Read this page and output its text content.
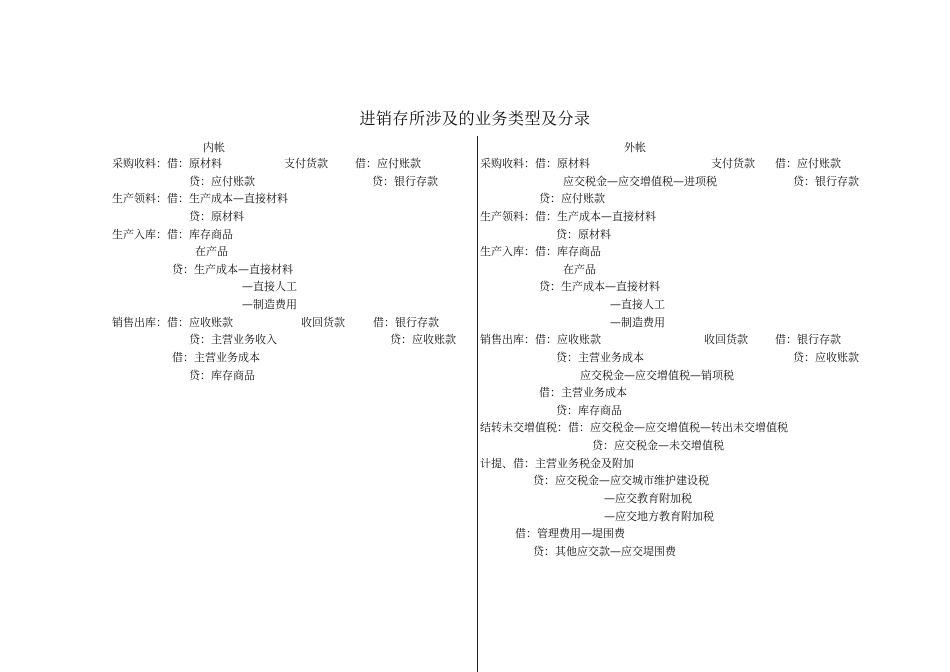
进销存所涉及的业务类型及分录
内帐
采购收料：借：原材料	支付货款 借：应付账款
贷：应付账款	贷：银行存款
生产领料：借：生产成本—直接材料
贷：原材料
生产入库：借：库存商品
在产品
贷：生产成本—直接材料
—直接人工
—制造费用
销售出库：借：应收账款	收回货款	借：银行存款
贷：主营业务收入	贷：应收账款
借：主营业务成本
贷：库存商品
外帐
采购收料：借：原材料	支付货款 借：应付账款
应交税金—应交增值税—进项税	贷：银行存款
贷：应付账款
生产领料：借：生产成本—直接材料
贷：原材料
生产入库：借：库存商品
在产品
贷：生产成本—直接材料
—直接人工
—制造费用
销售出库：借：应收账款	收回货款 借：银行存款
贷：主营业务成本	贷：应收账款
应交税金—应交增值税—销项税
借：主营业务成本
贷：库存商品
结转未交增值税：借：应交税金—应交增值税—转出未交增值税
贷：应交税金—未交增值税
计提、借：主营业务税金及附加
贷：应交税金—应交城市维护建设税
—应交教育附加税
—应交地方教育附加税
借：管理费用—堤围费
贷：其他应交款—应交堤围费
